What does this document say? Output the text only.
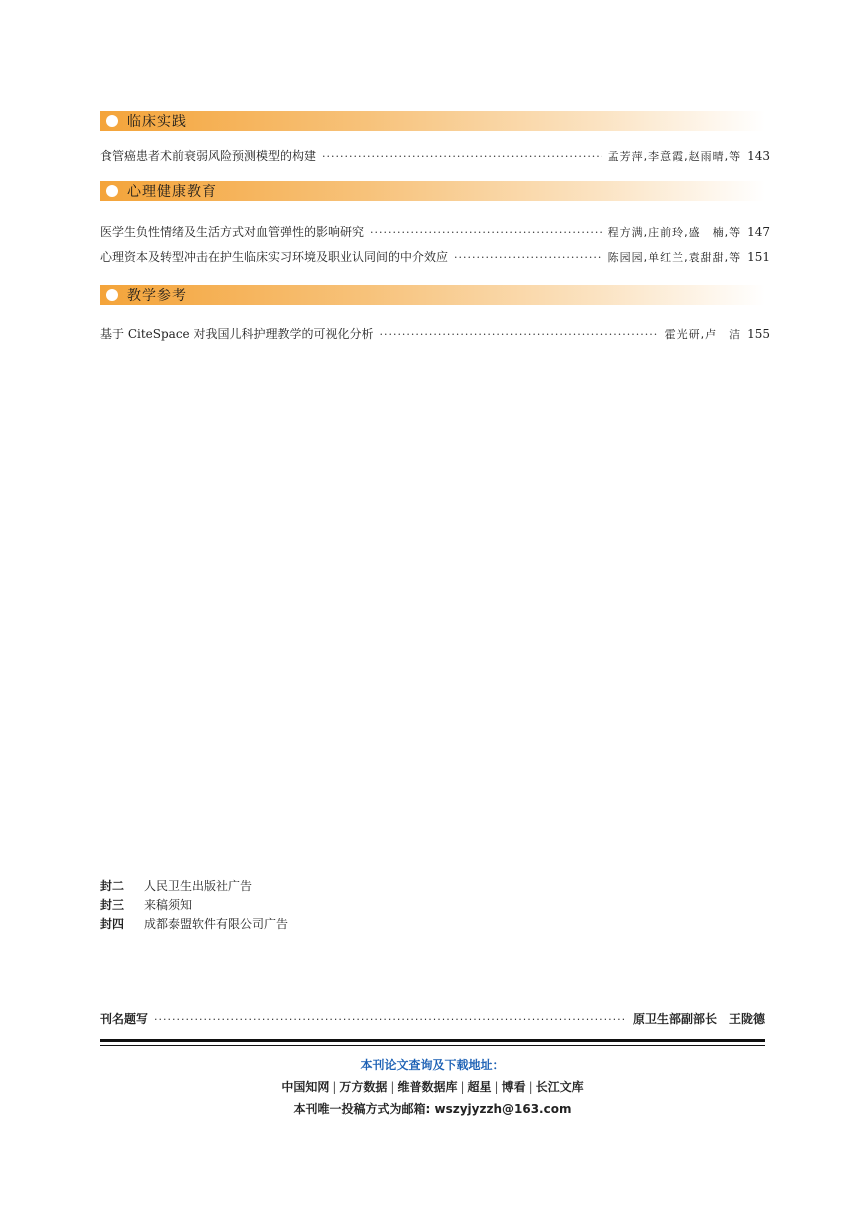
临床实践
食管癌患者术前衰弱风险预测模型的构建 ·····	孟芳萍,李意霞,赵雨晴,等 143
心理健康教育
医学生负性情绪及生活方式对血管弹性的影响研究 ·····	程方满,庄前玲,盛　楠,等 147
心理资本及转型冲击在护生临床实习环境及职业认同间的中介效应 ·····	陈园园,单红兰,袁甜甜,等 151
教学参考
基于 CiteSpace 对我国儿科护理教学的可视化分析 ·····	霍光研,卢　洁 155
封二	人民卫生出版社广告
封三	来稿须知
封四	成都泰盟软件有限公司广告
刊名题写 ·····	原卫生部副部长　王陇德
本刊论文查询及下载地址：
中国知网 | 万方数据 | 维普数据库 | 超星 | 博看 | 长江文库
本刊唯一投稿方式为邮箱: wszyjyzzh@163.com
